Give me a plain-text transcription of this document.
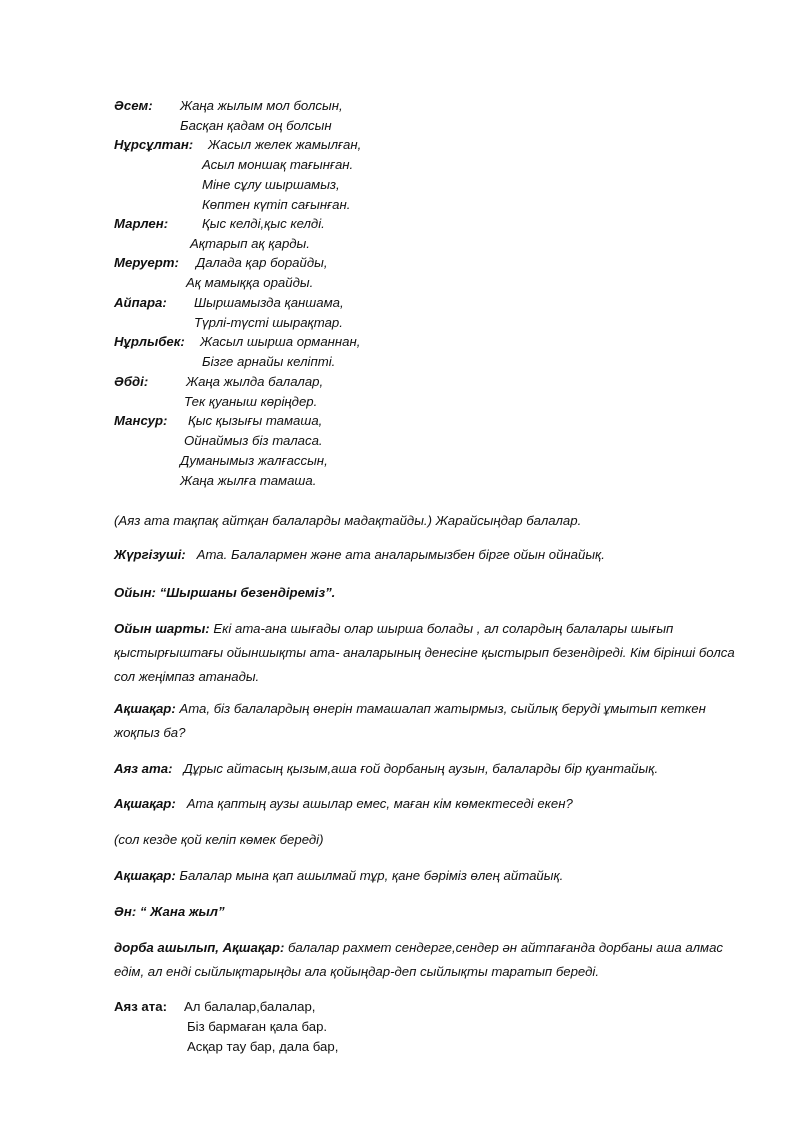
Әсем: Жаңа жылым мол болсын,
Басқан қадам оң болсын
Нұрсұлтан: Жасыл желек жамылған,
Асыл моншақ тағынған.
Міне сұлу шыршамыз,
Көптен күтіп сағынған.
Марлен:	Қыс келді,қыс келді.
Ақтарып ақ қарды.
Меруерт: Далада қар борайды,
Ақ мамыққа орайды.
Айпара: Шыршамызда қаншама,
Түрлі-түсті шырақтар.
Нұрлыбек: Жасыл шырша орманнан,
Бізге арнайы келіпті.
Әбді:	Жаңа жылда балалар,
Тек қуаныш көріңдер.
Мансур: Қыс қызығы тамаша,
Ойнаймыз біз таласа.
Думанымыз жалғассын,
Жаңа жылға тамаша.
(Аяз ата тақпақ айтқан балаларды мадақтайды.) Жарайсыңдар балалар.
Жүргізуші: Ата. Балалармен және ата аналарымызбен бірге ойын ойнайық.
Ойын: “Шыршаны безендіреміз”.
Ойын шарты: Екі ата-ана шығады олар шырша болады , ал солардың балалары шығып қыстырғыштағы ойыншықты ата- аналарының денесіне қыстырып безендіреді. Кім бірінші болса сол жеңімпаз атанады.
Ақшақар: Ата, біз балалардың өнерін тамашалап жатырмыз, сыйлық беруді ұмытып кеткен жоқпыз ба?
Аяз ата: Дұрыс айтасың қызым,аша ғой дорбаның аузын, балаларды бір қуантайық.
Ақшақар: Ата қаптың аузы ашылар емес, маған кім көмектеседі екен?
(сол кезде қой келіп көмек береді)
Ақшақар: Балалар мына қап ашылмай тұр, қане бәріміз өлең айтайық.
Ән: “ Жана жыл”
дорба ашылып, Ақшақар: балалар рахмет сендерге,сендер ән айтпағанда дорбаны аша алмас едім, ал енді сыйлықтарыңды ала қойыңдар-деп сыйлықты таратып береді.
Аяз ата: Ал балалар,балалар,
Біз бармаған қала бар.
Асқар тау бар, дала бар,
